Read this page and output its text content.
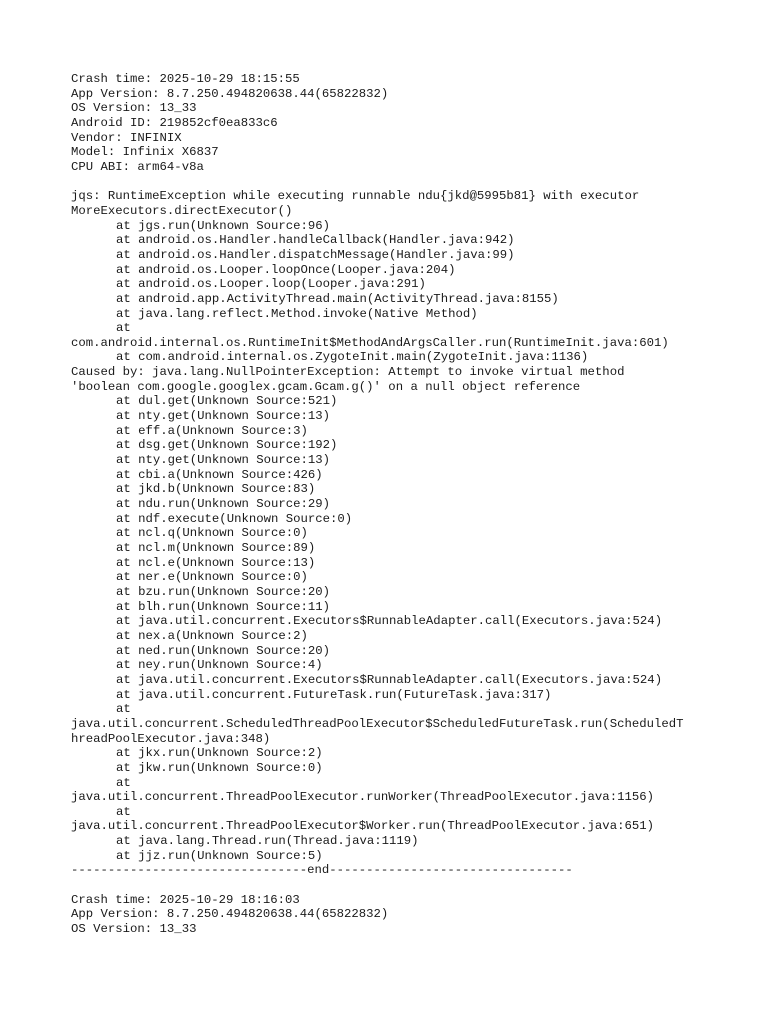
Crash time: 2025-10-29 18:15:55
App Version: 8.7.250.494820638.44(65822832)
OS Version: 13_33
Android ID: 219852cf0ea833c6
Vendor: INFINIX
Model: Infinix X6837
CPU ABI: arm64-v8a
jqs: RuntimeException while executing runnable ndu{jkd@5995b81} with executor
MoreExecutors.directExecutor()
at jgs.run(Unknown Source:96)
at android.os.Handler.handleCallback(Handler.java:942)
at android.os.Handler.dispatchMessage(Handler.java:99)
at android.os.Looper.loopOnce(Looper.java:204)
at android.os.Looper.loop(Looper.java:291)
at android.app.ActivityThread.main(ActivityThread.java:8155)
at java.lang.reflect.Method.invoke(Native Method)
at
com.android.internal.os.RuntimeInit$MethodAndArgsCaller.run(RuntimeInit.java:601)
at com.android.internal.os.ZygoteInit.main(ZygoteInit.java:1136)
Caused by: java.lang.NullPointerException: Attempt to invoke virtual method
'boolean com.google.googlex.gcam.Gcam.g()' on a null object reference
at dul.get(Unknown Source:521)
at nty.get(Unknown Source:13)
at eff.a(Unknown Source:3)
at dsg.get(Unknown Source:192)
at nty.get(Unknown Source:13)
at cbi.a(Unknown Source:426)
at jkd.b(Unknown Source:83)
at ndu.run(Unknown Source:29)
at ndf.execute(Unknown Source:0)
at ncl.q(Unknown Source:0)
at ncl.m(Unknown Source:89)
at ncl.e(Unknown Source:13)
at ner.e(Unknown Source:0)
at bzu.run(Unknown Source:20)
at blh.run(Unknown Source:11)
at java.util.concurrent.Executors$RunnableAdapter.call(Executors.java:524)
at nex.a(Unknown Source:2)
at ned.run(Unknown Source:20)
at ney.run(Unknown Source:4)
at java.util.concurrent.Executors$RunnableAdapter.call(Executors.java:524)
at java.util.concurrent.FutureTask.run(FutureTask.java:317)
at
java.util.concurrent.ScheduledThreadPoolExecutor$ScheduledFutureTask.run(ScheduledT
hreadPoolExecutor.java:348)
at jkx.run(Unknown Source:2)
at jkw.run(Unknown Source:0)
at
java.util.concurrent.ThreadPoolExecutor.runWorker(ThreadPoolExecutor.java:1156)
at
java.util.concurrent.ThreadPoolExecutor$Worker.run(ThreadPoolExecutor.java:651)
at java.lang.Thread.run(Thread.java:1119)
at jjz.run(Unknown Source:5)
--------------------------------end---------------------------------
Crash time: 2025-10-29 18:16:03
App Version: 8.7.250.494820638.44(65822832)
OS Version: 13_33
